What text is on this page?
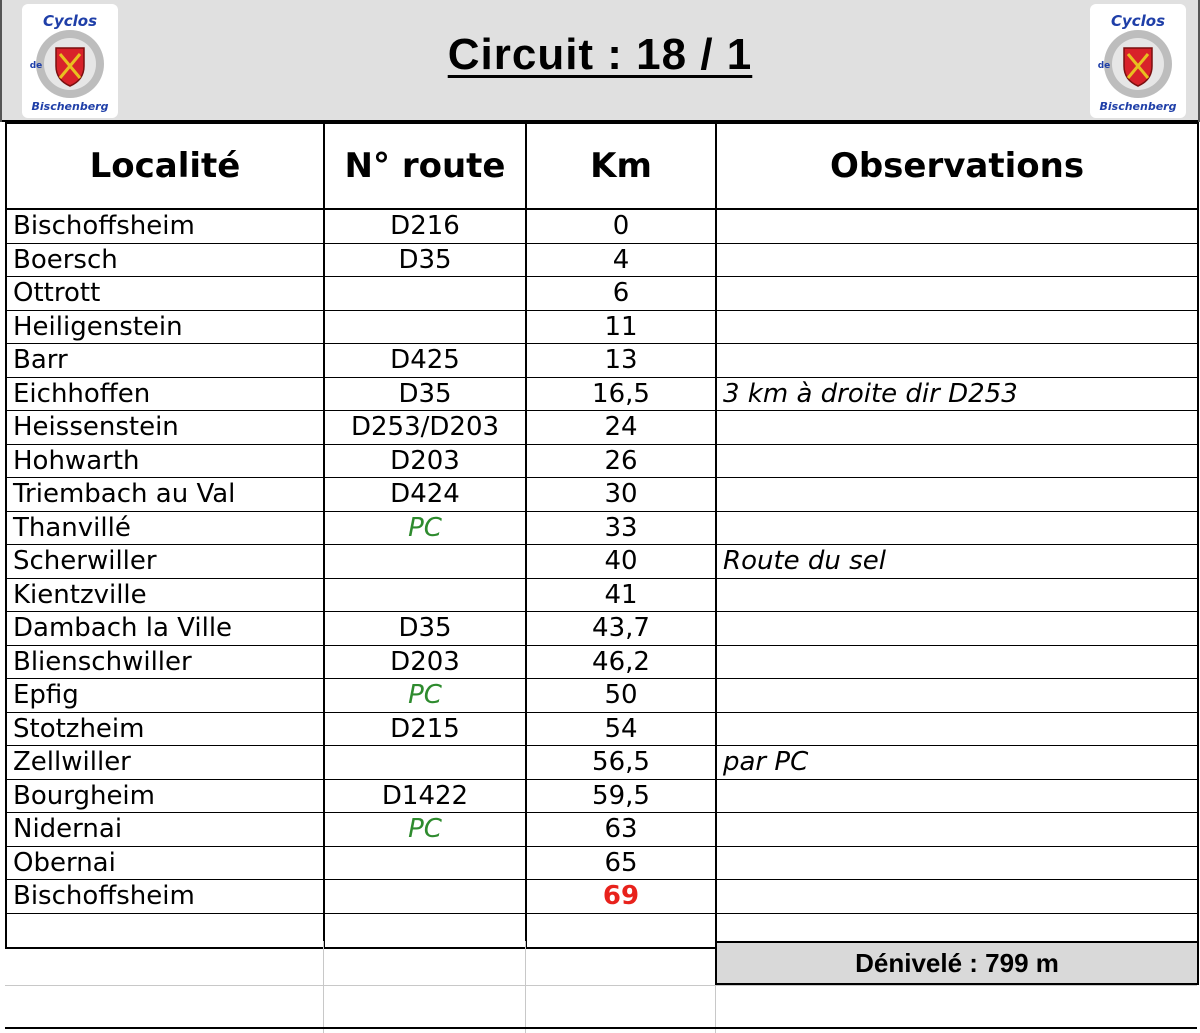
Cyclos
de
Bischenberg
Circuit : 18 / 1
Cyclos
de
Bischenberg
Localité	N° route	Km	Observations
Bischoffsheim	D216	0	
Boersch	D35	4	
Ottrott		6	
Heiligenstein		11	
Barr	D425	13	
Eichhoffen	D35	16,5	3 km à droite dir D253
Heissenstein	D253/D203	24	
Hohwarth	D203	26	
Triembach au Val	D424	30	
Thanvillé	PC	33	
Scherwiller		40	Route du sel
Kientzville		41	
Dambach la Ville	D35	43,7	
Blienschwiller	D203	46,2	
Epfig	PC	50	
Stotzheim	D215	54	
Zellwiller		56,5	par PC
Bourgheim	D1422	59,5	
Nidernai	PC	63	
Obernai		65	
Bischoffsheim		69	

Dénivelé : 799 m
